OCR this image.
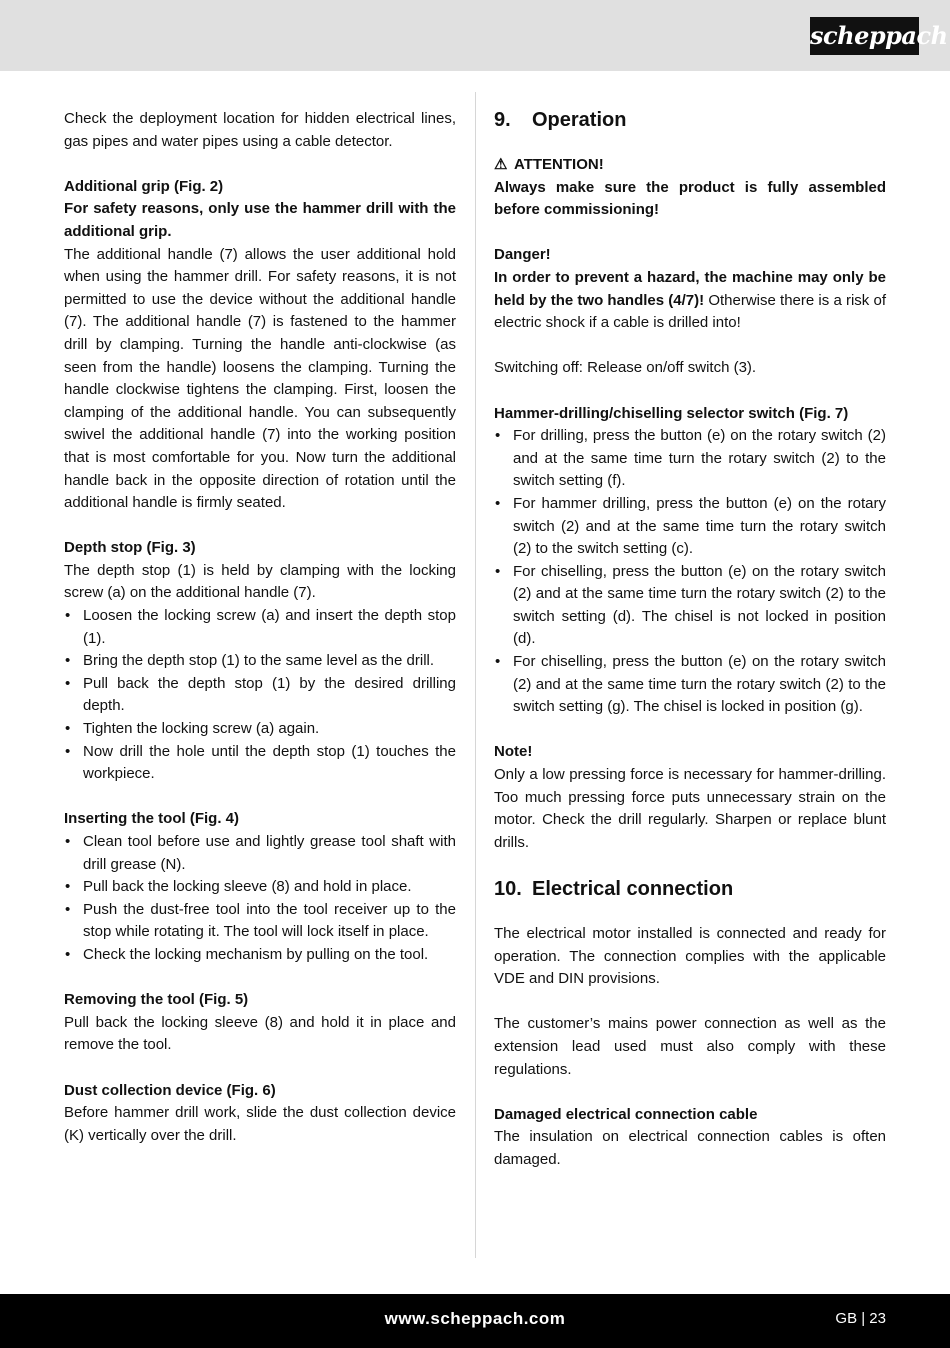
scheppach

Check the deployment location for hidden electrical lines, gas pipes and water pipes using a cable detector.

Additional grip (Fig. 2)

For safety reasons, only use the hammer drill with the additional grip.

The additional handle (7) allows the user additional hold when using the hammer drill. For safety reasons, it is not permitted to use the device without the additional handle (7). The additional handle (7) is fastened to the hammer drill by clamping. Turning the handle anti-clockwise (as seen from the handle) loosens the clamping. Turning the handle clockwise tightens the clamping. First, loosen the clamping of the additional handle. You can subsequently swivel the additional handle (7) into the working position that is most comfortable for you. Now turn the additional handle back in the opposite direction of rotation until the additional handle is firmly seated.

Depth stop (Fig. 3)

The depth stop (1) is held by clamping with the locking screw (a) on the additional handle (7).

• Loosen the locking screw (a) and insert the depth stop (1).
• Bring the depth stop (1) to the same level as the drill.
• Pull back the depth stop (1) by the desired drilling depth.
• Tighten the locking screw (a) again.
• Now drill the hole until the depth stop (1) touches the workpiece.

Inserting the tool (Fig. 4)

• Clean tool before use and lightly grease tool shaft with drill grease (N).
• Pull back the locking sleeve (8) and hold in place.
• Push the dust-free tool into the tool receiver up to the stop while rotating it. The tool will lock itself in place.
• Check the locking mechanism by pulling on the tool.

Removing the tool (Fig. 5)

Pull back the locking sleeve (8) and hold it in place and remove the tool.

Dust collection device (Fig. 6)

Before hammer drill work, slide the dust collection device (K) vertically over the drill.

9. Operation

⚠ ATTENTION!

Always make sure the product is fully assembled before commissioning!

Danger!

In order to prevent a hazard, the machine may only be held by the two handles (4/7)! Otherwise there is a risk of electric shock if a cable is drilled into!

Switching off: Release on/off switch (3).

Hammer-drilling/chiselling selector switch (Fig. 7)

• For drilling, press the button (e) on the rotary switch (2) and at the same time turn the rotary switch (2) to the switch setting (f).
• For hammer drilling, press the button (e) on the rotary switch (2) and at the same time turn the rotary switch (2) to the switch setting (c).
• For chiselling, press the button (e) on the rotary switch (2) and at the same time turn the rotary switch (2) to the switch setting (d). The chisel is not locked in position (d).
• For chiselling, press the button (e) on the rotary switch (2) and at the same time turn the rotary switch (2) to the switch setting (g). The chisel is locked in position (g).

Note!

Only a low pressing force is necessary for hammer-drilling. Too much pressing force puts unnecessary strain on the motor. Check the drill regularly. Sharpen or replace blunt drills.

10. Electrical connection

The electrical motor installed is connected and ready for operation. The connection complies with the applicable VDE and DIN provisions.

The customer’s mains power connection as well as the extension lead used must also comply with these regulations.

Damaged electrical connection cable

The insulation on electrical connection cables is often damaged.

www.scheppach.com	GB | 23
